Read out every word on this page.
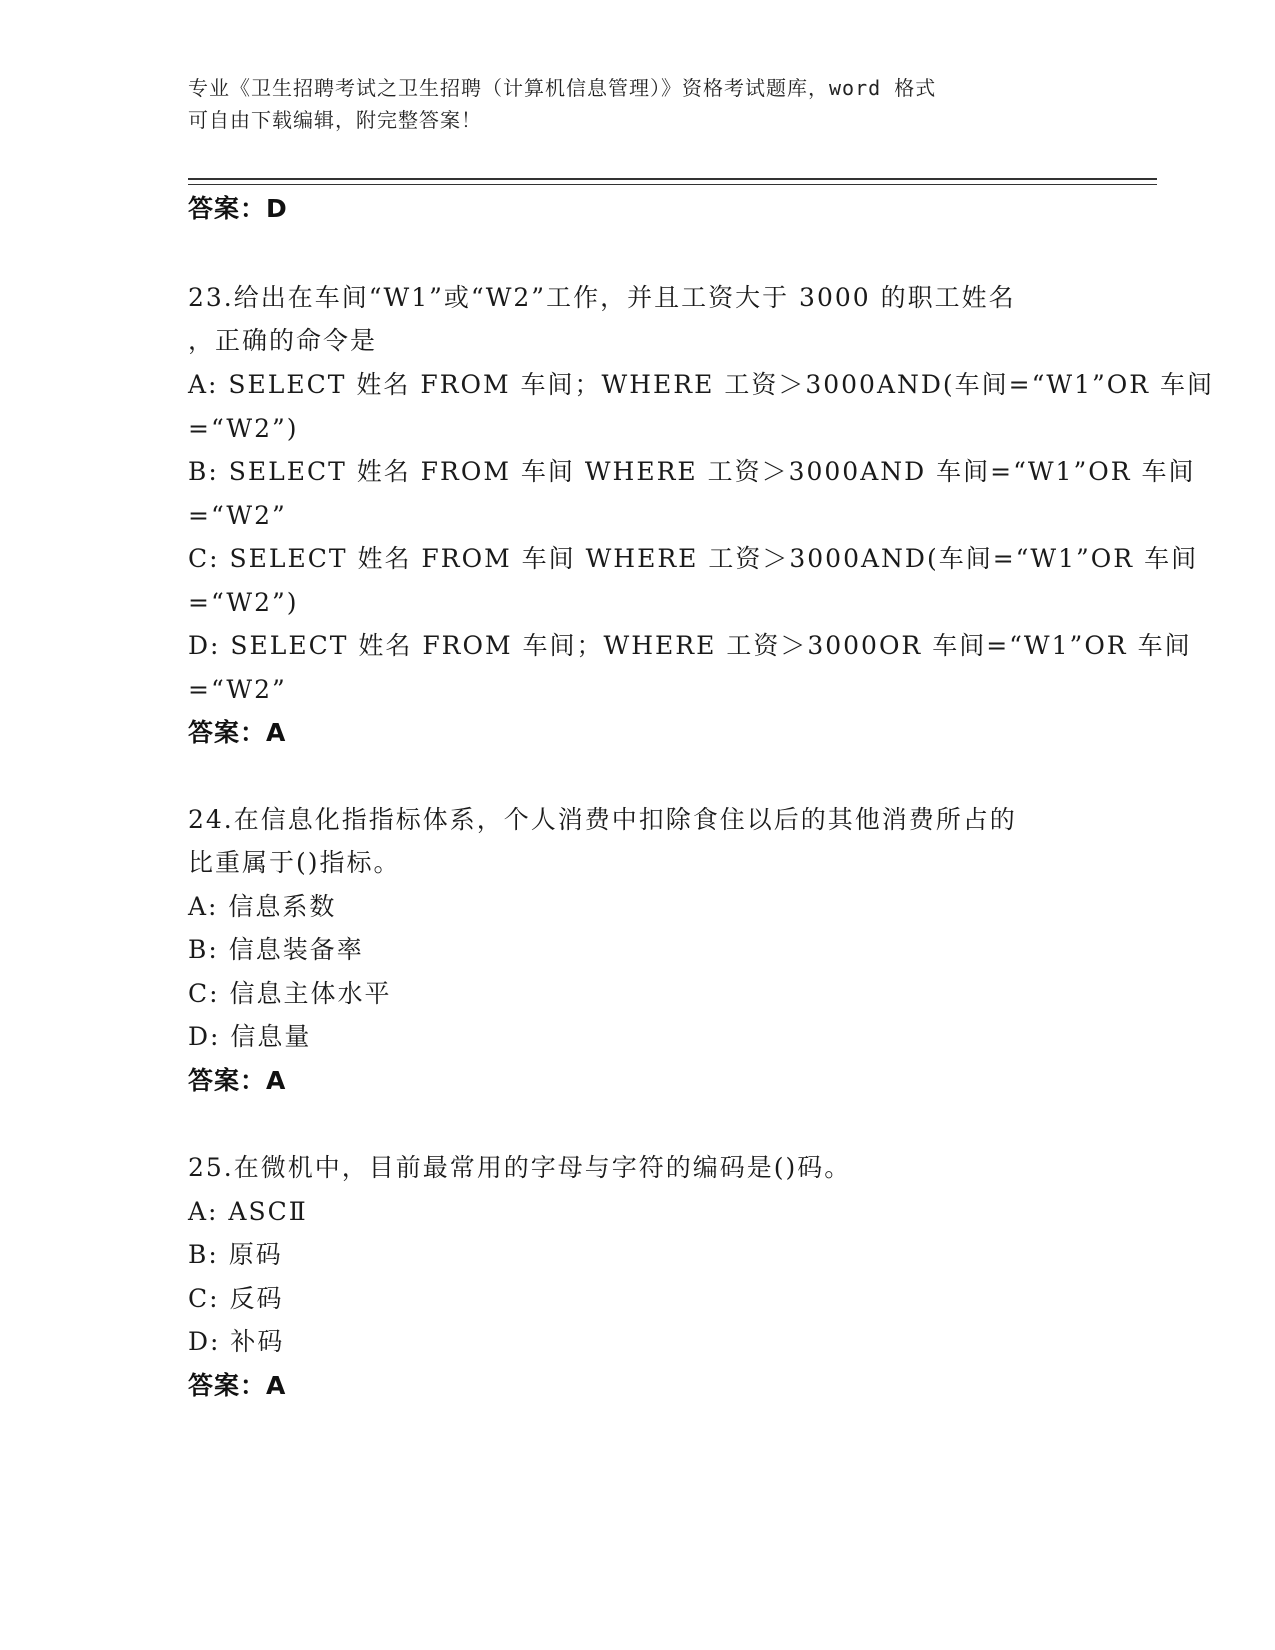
专业《卫生招聘考试之卫生招聘（计算机信息管理）》资格考试题库，word 格式
可自由下载编辑，附完整答案！
答案：D
23.给出在车间“W1”或“W2”工作，并且工资大于 3000 的职工姓名
，正确的命令是
A: SELECT 姓名 FROM 车间；WHERE 工资＞3000AND(车间=“W1”OR 车间
=“W2”)
B: SELECT 姓名 FROM 车间 WHERE 工资＞3000AND 车间=“W1”OR 车间
=“W2”
C: SELECT 姓名 FROM 车间 WHERE 工资＞3000AND(车间=“W1”OR 车间
=“W2”)
D: SELECT 姓名 FROM 车间；WHERE 工资＞3000OR 车间=“W1”OR 车间
=“W2”
答案：A
24.在信息化指指标体系，个人消费中扣除食住以后的其他消费所占的
比重属于()指标。
A: 信息系数
B: 信息装备率
C: 信息主体水平
D: 信息量
答案：A
25.在微机中，目前最常用的字母与字符的编码是()码。
A: ASCⅡ
B: 原码
C: 反码
D: 补码
答案：A
